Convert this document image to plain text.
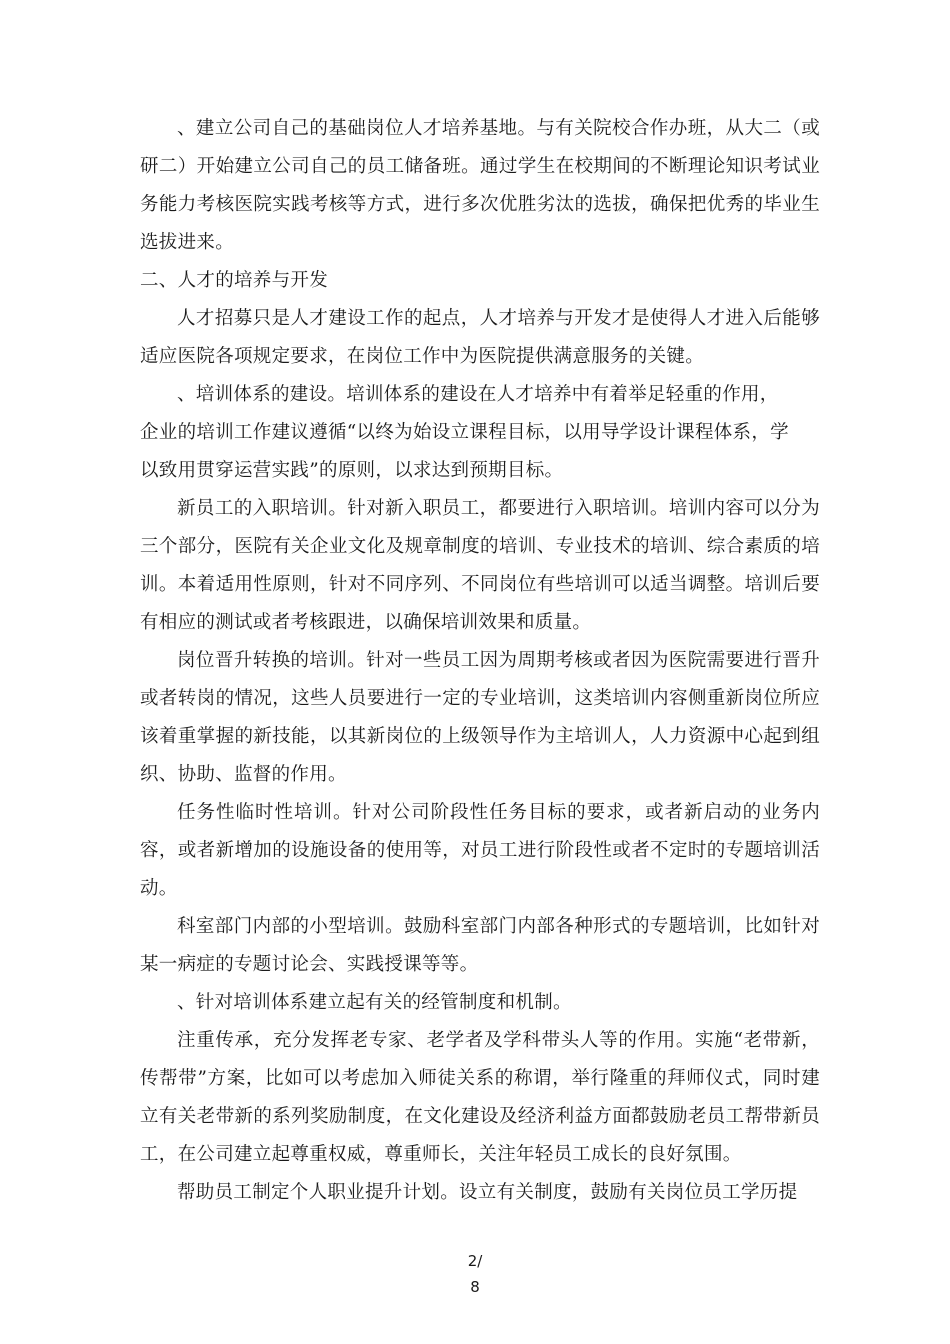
、建立公司自己的基础岗位人才培养基地。与有关院校合作办班，从大二（或研二）开始建立公司自己的员工储备班。通过学生在校期间的不断理论知识考试业务能力考核医院实践考核等方式，进行多次优胜劣汰的选拔，确保把优秀的毕业生选拔进来。

二、人才的培养与开发

人才招募只是人才建设工作的起点，人才培养与开发才是使得人才进入后能够适应医院各项规定要求，在岗位工作中为医院提供满意服务的关键。

、培训体系的建设。培训体系的建设在人才培养中有着举足轻重的作用，
企业的培训工作建议遵循“以终为始设立课程目标，以用导学设计课程体系，学
以致用贯穿运营实践”的原则，以求达到预期目标。

新员工的入职培训。针对新入职员工，都要进行入职培训。培训内容可以分为三个部分，医院有关企业文化及规章制度的培训、专业技术的培训、综合素质的培训。本着适用性原则，针对不同序列、不同岗位有些培训可以适当调整。培训后要有相应的测试或者考核跟进，以确保培训效果和质量。

岗位晋升转换的培训。针对一些员工因为周期考核或者因为医院需要进行晋升或者转岗的情况，这些人员要进行一定的专业培训，这类培训内容侧重新岗位所应该着重掌握的新技能，以其新岗位的上级领导作为主培训人，人力资源中心起到组织、协助、监督的作用。

任务性临时性培训。针对公司阶段性任务目标的要求，或者新启动的业务内容，或者新增加的设施设备的使用等，对员工进行阶段性或者不定时的专题培训活动。

科室部门内部的小型培训。鼓励科室部门内部各种形式的专题培训，比如针对某一病症的专题讨论会、实践授课等等。

、针对培训体系建立起有关的经管制度和机制。

注重传承，充分发挥老专家、老学者及学科带头人等的作用。实施“老带新，传帮带”方案，比如可以考虑加入师徒关系的称谓，举行隆重的拜师仪式，同时建立有关老带新的系列奖励制度，在文化建设及经济利益方面都鼓励老员工帮带新员工，在公司建立起尊重权威，尊重师长，关注年轻员工成长的良好氛围。

帮助员工制定个人职业提升计划。设立有关制度，鼓励有关岗位员工学历提

2/
8
